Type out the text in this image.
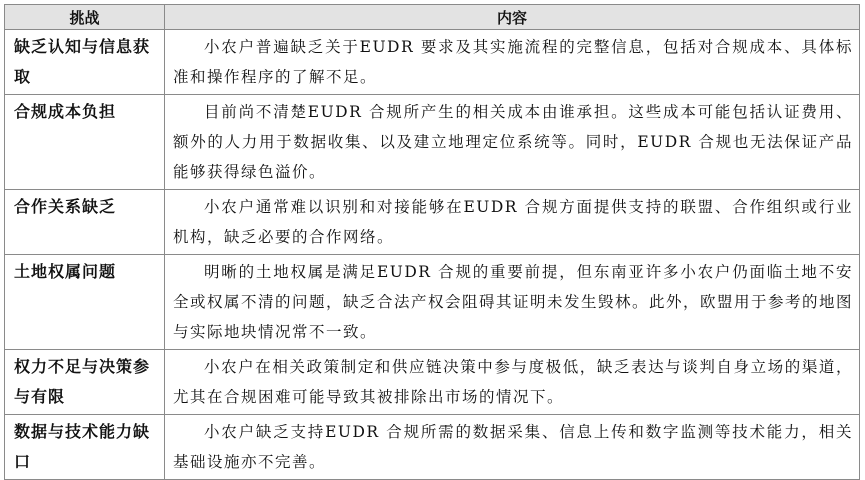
挑战	内容
缺乏认知与信息获取	小农户普遍缺乏关于EUDR 要求及其实施流程的完整信息，包括对合规成本、具体标准和操作程序的了解不足。
合规成本负担	目前尚不清楚EUDR 合规所产生的相关成本由谁承担。这些成本可能包括认证费用、额外的人力用于数据收集、以及建立地理定位系统等。同时，EUDR 合规也无法保证产品能够获得绿色溢价。
合作关系缺乏	小农户通常难以识别和对接能够在EUDR 合规方面提供支持的联盟、合作组织或行业机构，缺乏必要的合作网络。
土地权属问题	明晰的土地权属是满足EUDR 合规的重要前提，但东南亚许多小农户仍面临土地不安全或权属不清的问题，缺乏合法产权会阻碍其证明未发生毁林。此外，欧盟用于参考的地图与实际地块情况常不一致。
权力不足与决策参与有限	小农户在相关政策制定和供应链决策中参与度极低，缺乏表达与谈判自身立场的渠道，尤其在合规困难可能导致其被排除出市场的情况下。
数据与技术能力缺口	小农户缺乏支持EUDR 合规所需的数据采集、信息上传和数字监测等技术能力，相关基础设施亦不完善。
